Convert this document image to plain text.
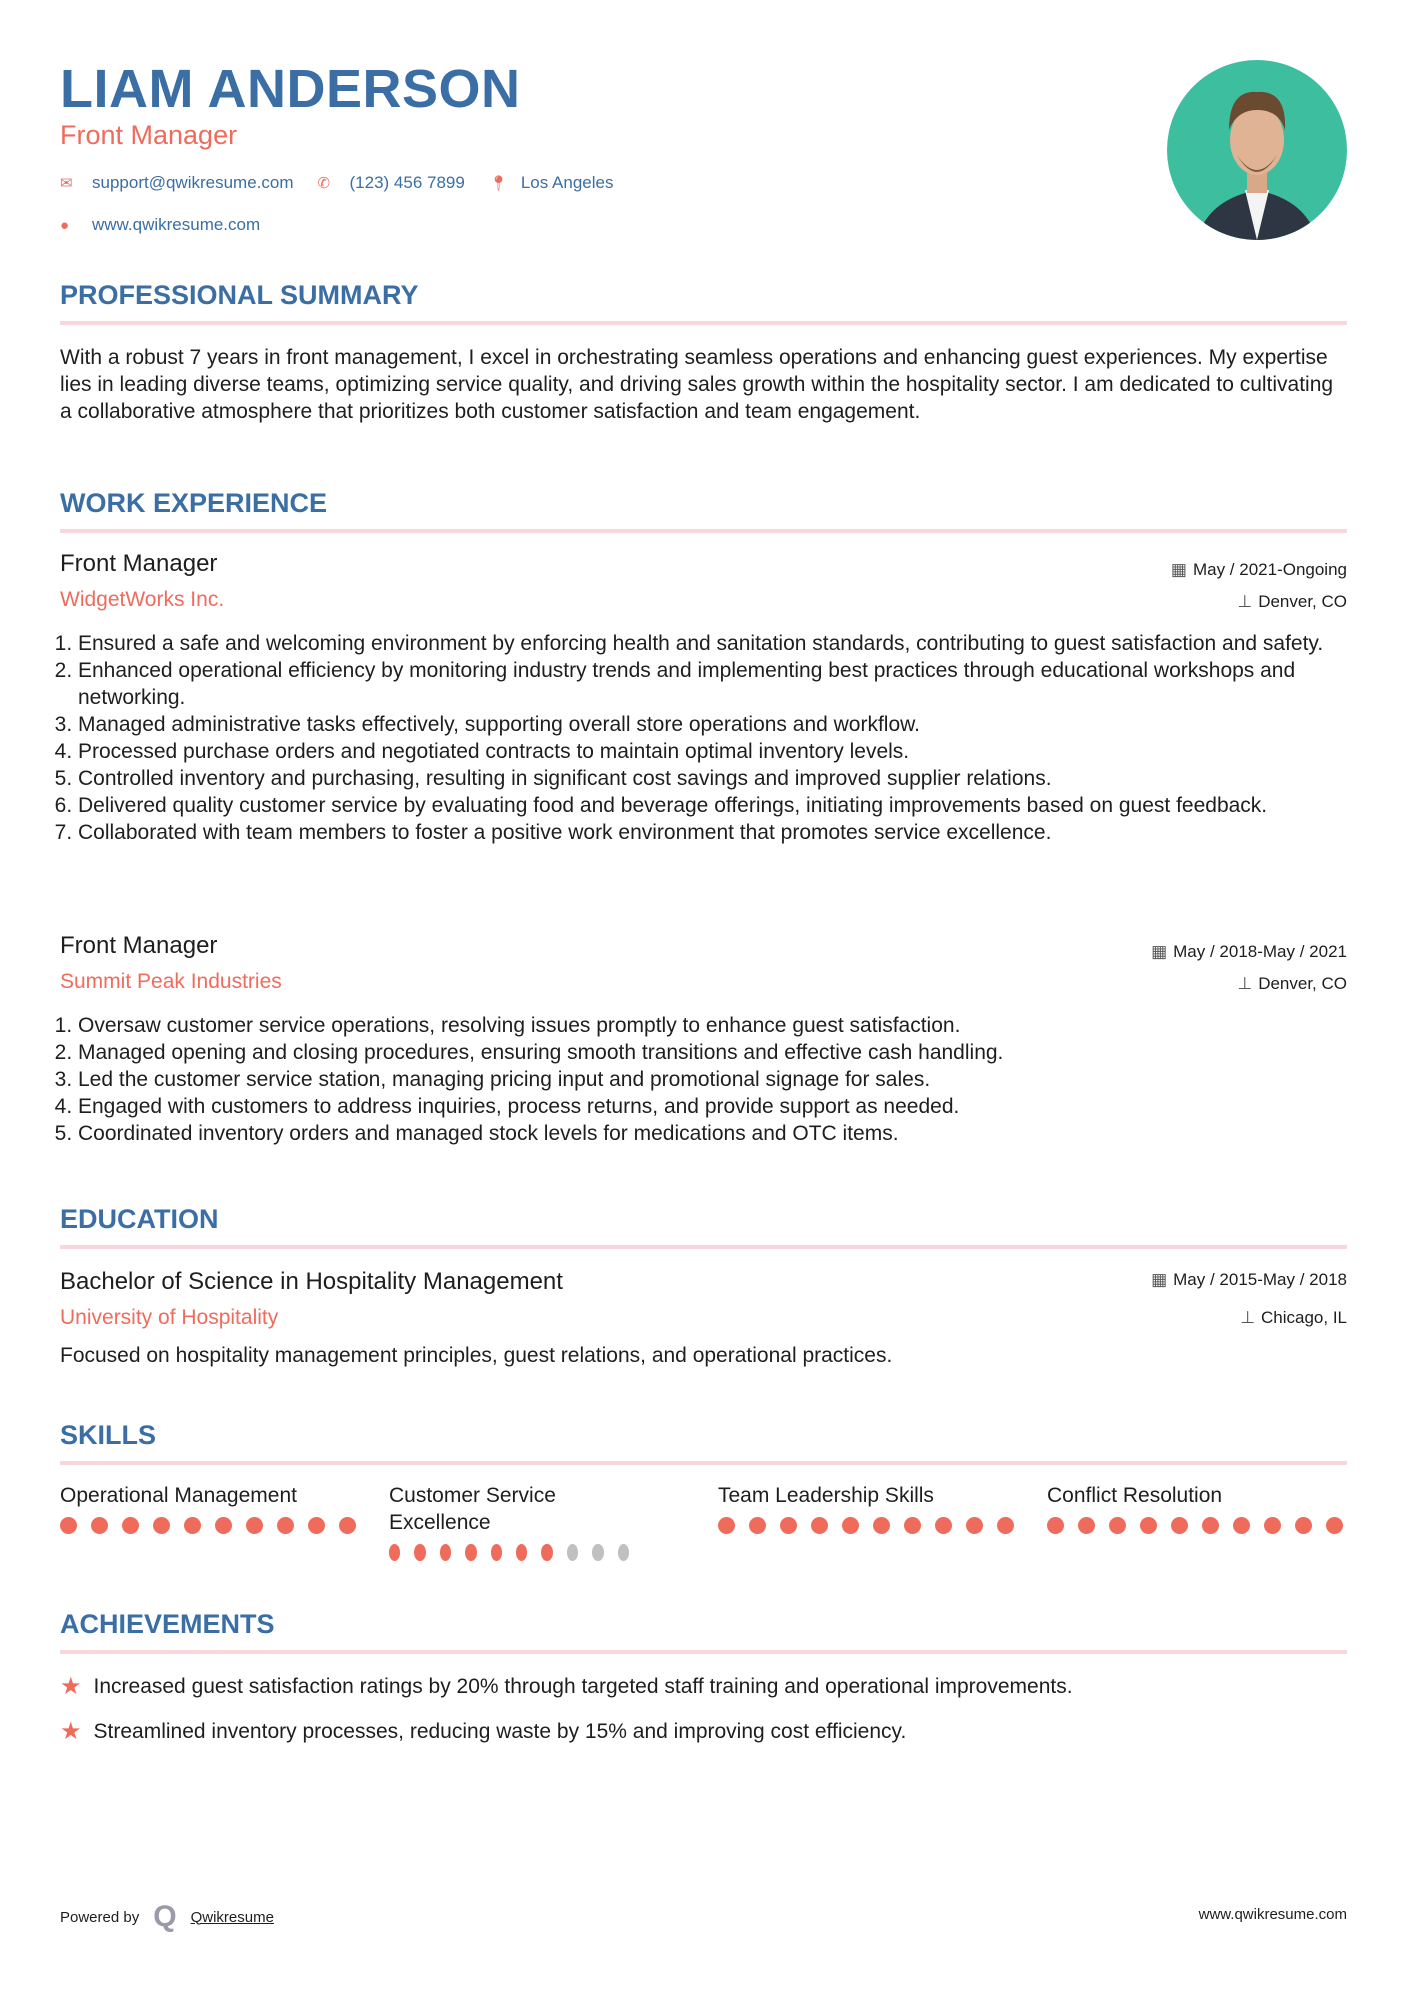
LIAM ANDERSON
Front Manager
✉	support@qwikresume.com ✆	(123) 456 7899 📍︎ Los Angeles
●	www.qwikresume.com
PROFESSIONAL SUMMARY
With a robust 7 years in front management, I excel in orchestrating seamless operations and enhancing guest experiences. My expertise lies in leading diverse teams, optimizing service quality, and driving sales growth within the hospitality sector. I am dedicated to cultivating a collaborative atmosphere that prioritizes both customer satisfaction and team engagement.
WORK EXPERIENCE
Front Manager
WidgetWorks Inc.
▦ May / 2021-Ongoing
⊥ Denver, CO
1. Ensured a safe and welcoming environment by enforcing health and sanitation standards, contributing to guest satisfaction and safety.
2. Enhanced operational efficiency by monitoring industry trends and implementing best practices through educational workshops and networking.
3. Managed administrative tasks effectively, supporting overall store operations and workflow.
4. Processed purchase orders and negotiated contracts to maintain optimal inventory levels.
5. Controlled inventory and purchasing, resulting in significant cost savings and improved supplier relations.
6. Delivered quality customer service by evaluating food and beverage offerings, initiating improvements based on guest feedback.
7. Collaborated with team members to foster a positive work environment that promotes service excellence.
Front Manager
Summit Peak Industries
▦ May / 2018-May / 2021
⊥ Denver, CO
1. Oversaw customer service operations, resolving issues promptly to enhance guest satisfaction.
2. Managed opening and closing procedures, ensuring smooth transitions and effective cash handling.
3. Led the customer service station, managing pricing input and promotional signage for sales.
4. Engaged with customers to address inquiries, process returns, and provide support as needed.
5. Coordinated inventory orders and managed stock levels for medications and OTC items.
EDUCATION
Bachelor of Science in Hospitality Management
University of Hospitality
▦ May / 2015-May / 2018
⊥ Chicago, IL
Focused on hospitality management principles, guest relations, and operational practices.
SKILLS
Operational Management	Customer Service Excellence
Team Leadership Skills	Conflict Resolution
ACHIEVEMENTS
★ Increased guest satisfaction ratings by 20% through targeted staff training and operational improvements.
★ Streamlined inventory processes, reducing waste by 15% and improving cost efficiency.
Powered by Q Qwikresume	www.qwikresume.com
